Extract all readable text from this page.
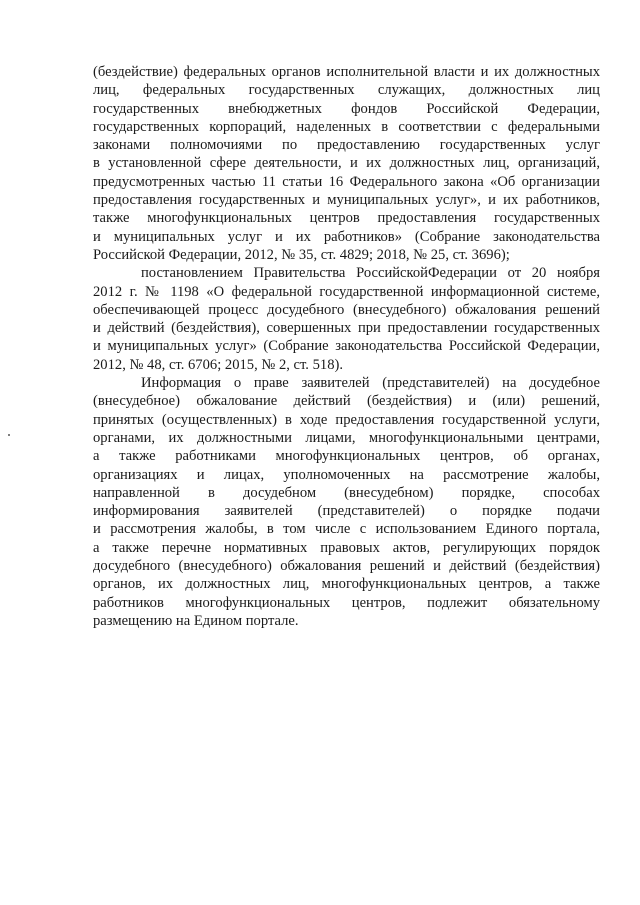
(бездействие) федеральных органов исполнительной власти и их должностных
лиц, федеральных государственных служащих, должностных лиц
государственных внебюджетных фондов Российской Федерации,
государственных корпораций, наделенных в соответствии с федеральными
законами полномочиями по предоставлению государственных услуг
в установленной сфере деятельности, и их должностных лиц, организаций,
предусмотренных частью 11 статьи 16 Федерального закона «Об организации
предоставления государственных и муниципальных услуг», и их работников,
также многофункциональных центров предоставления государственных
и муниципальных услуг и их работников» (Собрание законодательства
Российской Федерации, 2012, № 35, ст. 4829; 2018, № 25, ст. 3696);
постановлением Правительства РоссийскойФедерации от 20 ноября
2012 г. № 1198 «О федеральной государственной информационной системе,
обеспечивающей процесс досудебного (внесудебного) обжалования решений
и действий (бездействия), совершенных при предоставлении государственных
и муниципальных услуг» (Собрание законодательства Российской Федерации,
2012, № 48, ст. 6706; 2015, № 2, ст. 518).
Информация о праве заявителей (представителей) на досудебное
(внесудебное) обжалование действий (бездействия) и (или) решений,
принятых (осуществленных) в ходе предоставления государственной услуги,
органами, их должностными лицами, многофункциональными центрами,
а также работниками многофункциональных центров, об органах,
организациях и лицах, уполномоченных на рассмотрение жалобы,
направленной в досудебном (внесудебном) порядке, способах
информирования заявителей (представителей) о порядке подачи
и рассмотрения жалобы, в том числе с использованием Единого портала,
а также перечне нормативных правовых актов, регулирующих порядок
досудебного (внесудебного) обжалования решений и действий (бездействия)
органов, их должностных лиц, многофункциональных центров, а также
работников многофункциональных центров, подлежит обязательному
размещению на Едином портале.
